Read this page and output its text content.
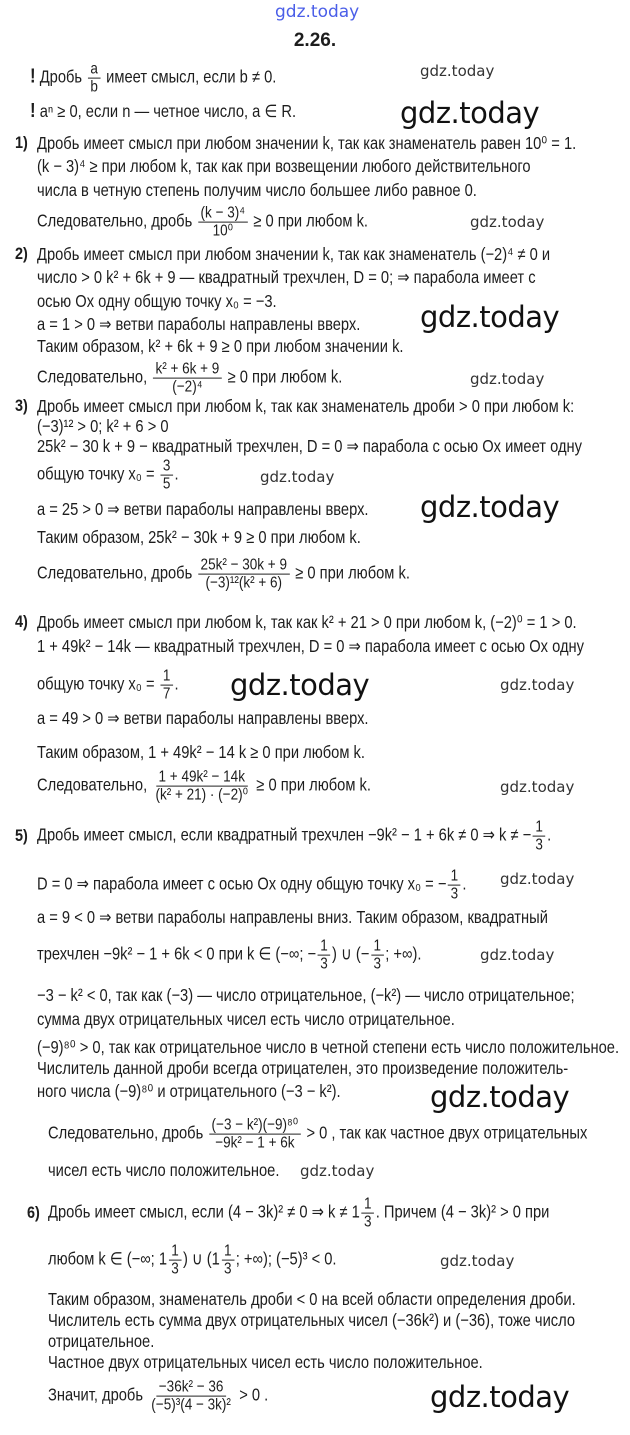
gdz.today
2.26.
! Дробь $\frac{a}{b}$ имеет смысл, если b ≠ 0.
! aⁿ ≥ 0, если n — четное число, a ∈ R.
1) Дробь имеет смысл при любом значении k, так как знаменатель равен 10⁰ = 1.
(k − 3)⁴ ≥ при любом k, так как при возвещении любого действительного
числа в четную степень получим число большее либо равное 0.
Следовательно, дробь $\frac{\text{(k − 3)⁴}}{\text{10⁰}} \ge 0$ при любом k.
2) Дробь имеет смысл при любом значении k, так как знаменатель (−2)⁴ ≠ 0 и
число > 0 k² + 6k + 9 — квадратный трехчлен, D = 0; ⇒ парабола имеет с
осью Ox одну общую точку x₀ = −3.
a = 1 > 0 ⇒ ветви параболы направлены вверх.
Таким образом, k² + 6k + 9 ≥ 0 при любом значении k.
Следовательно, $\frac{\text{k² + 6k + 9}}{\text{(−2)⁴}} \ge 0$ при любом k.
3) Дробь имеет смысл при любом k, так как знаменатель дроби > 0 при любом k:
(−3)¹² > 0; k² + 6 > 0
25k² − 30 k + 9 − квадратный трехчлен, D = 0 ⇒ парабола с осью Ox имеет одну
общую точку $x_0 = \frac{3}{5}$ .
a = 25 > 0 ⇒ ветви параболы направлены вверх.
Таким образом, 25k² − 30k + 9 ≥ 0 при любом k.
Следовательно, дробь $\frac{\text{25k² − 30k + 9}}{\text{(−3)¹²(k² + 6)}} \ge 0$ при любом k.
4) Дробь имеет смысл при любом k, так как k² + 21 > 0 при любом k, (−2)⁰ = 1 > 0.
1 + 49k² − 14k — квадратный трехчлен, D = 0 ⇒ парабола имеет с осью Ox одну
общую точку $x_0 = \frac{1}{7}$ .
a = 49 > 0 ⇒ ветви параболы направлены вверх.
Таким образом, 1 + 49k² − 14 k ≥ 0 при любом k.
Следовательно, $\frac{\text{1 + 49k² − 14k}}{\text{(k² + 21) · (−2)⁰}} \ge 0$ при любом k.
5) Дробь имеет смысл, если квадратный трехчлен −9k² − 1 + 6k ≠ 0 ⇒ k ≠ − $\frac{1}{3}$ .
D = 0 ⇒ парабола имеет с осью Ox одну общую точку x₀ = − $\frac{1}{3}$ .
a = 9 < 0 ⇒ ветви параболы направлены вниз. Таким образом, квадратный
трехчлен −9k² − 1 + 6k < 0 при k ∈ (−∞; − $\frac{1}{3}$ ) ∪ (− $\frac{1}{3}$ ; +∞).
−3 − k² < 0, так как (−3) — число отрицательное, (−k²) — число отрицательное;
сумма двух отрицательных чисел есть число отрицательное.
(−9)⁸⁰ > 0, так как отрицательное число в четной степени есть число положительное.
Числитель данной дроби всегда отрицателен, это произведение положитель-
ного числа (−9)⁸⁰ и отрицательного (−3 − k²).
Следовательно, дробь $\frac{\text{(−3 − k²)(−9)⁸⁰}}{\text{−9k² − 1 + 6k}} > 0$ , так как частное двух отрицательных
чисел есть число положительное.
6) Дробь имеет смысл, если (4 − 3k)² ≠ 0 ⇒ $k \ne 1 \frac{1}{3}$ . Причем (4 − 3k)² > 0 при
любом k ∈ (−∞; $1 \frac{1}{3}$ ) ∪ ($1 \frac{1}{3}$ ; +∞); (−5)³ < 0.
Таким образом, знаменатель дроби < 0 на всей области определения дроби.
Числитель есть сумма двух отрицательных чисел (−36k²) и (−36), тоже число
отрицательное.
Частное двух отрицательных чисел есть число положительное.
Значит, дробь $\frac{\text{−36k² − 36}}{\text{(−5)³(4 − 3k)²}} > 0$ .
gdz.today
gdz.today
gdz.today
gdz.today
gdz.today
gdz.today
gdz.today
gdz.today	gdz.today
gdz.today
gdz.today
gdz.today
gdz.today
gdz.today
gdz.today
gdz.today
